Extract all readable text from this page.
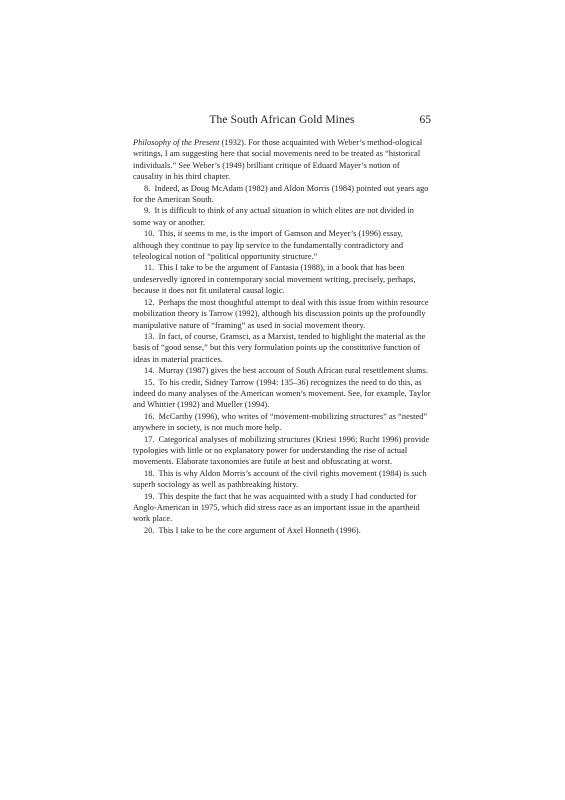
The South African Gold Mines	65

Philosophy of the Present (1932). For those acquainted with Weber’s method-ological writings, I am suggesting here that social movements need to be treated as “historical individuals.” See Weber’s (1949) brilliant critique of Eduard Mayer’s notion of causality in his third chapter.

8. Indeed, as Doug McAdam (1982) and Aldon Morris (1984) pointed out years ago for the American South.

9. It is difficult to think of any actual situation in which elites are not divided in some way or another.

10. This, it seems to me, is the import of Gamson and Meyer’s (1996) essay, although they continue to pay lip service to the fundamentally contradictory and teleological notion of “political opportunity structure.”

11. This I take to be the argument of Fantasia (1988), in a book that has been undeservedly ignored in contemporary social movement writing, precisely, perhaps, because it does not fit unilateral causal logic.

12. Perhaps the most thoughtful attempt to deal with this issue from within resource mobilization theory is Tarrow (1992), although his discussion points up the profoundly manipulative nature of “framing” as used in social movement theory.

13. In fact, of course, Gramsci, as a Marxist, tended to highlight the material as the basis of “good sense,” but this very formulation points up the constitutive function of ideas in material practices.

14. Murray (1987) gives the best account of South African rural resettlement slums.

15. To his credit, Sidney Tarrow (1994: 135–36) recognizes the need to do this, as indeed do many analyses of the American women’s movement. See, for example, Taylor and Whittier (1992) and Mueller (1994).

16. McCarthy (1996), who writes of “movement-mobilizing structures” as “nested” anywhere in society, is not much more help.

17. Categorical analyses of mobilizing structures (Kriesi 1996; Rucht 1996) provide typologies with little or no explanatory power for understanding the rise of actual movements. Elaborate taxonomies are futile at best and obfuscating at worst.

18. This is why Aldon Morris’s account of the civil rights movement (1984) is such superb sociology as well as pathbreaking history.

19. This despite the fact that he was acquainted with a study I had conducted for Anglo-American in 1975, which did stress race as an important issue in the apartheid work place.

20. This I take to be the core argument of Axel Honneth (1996).
